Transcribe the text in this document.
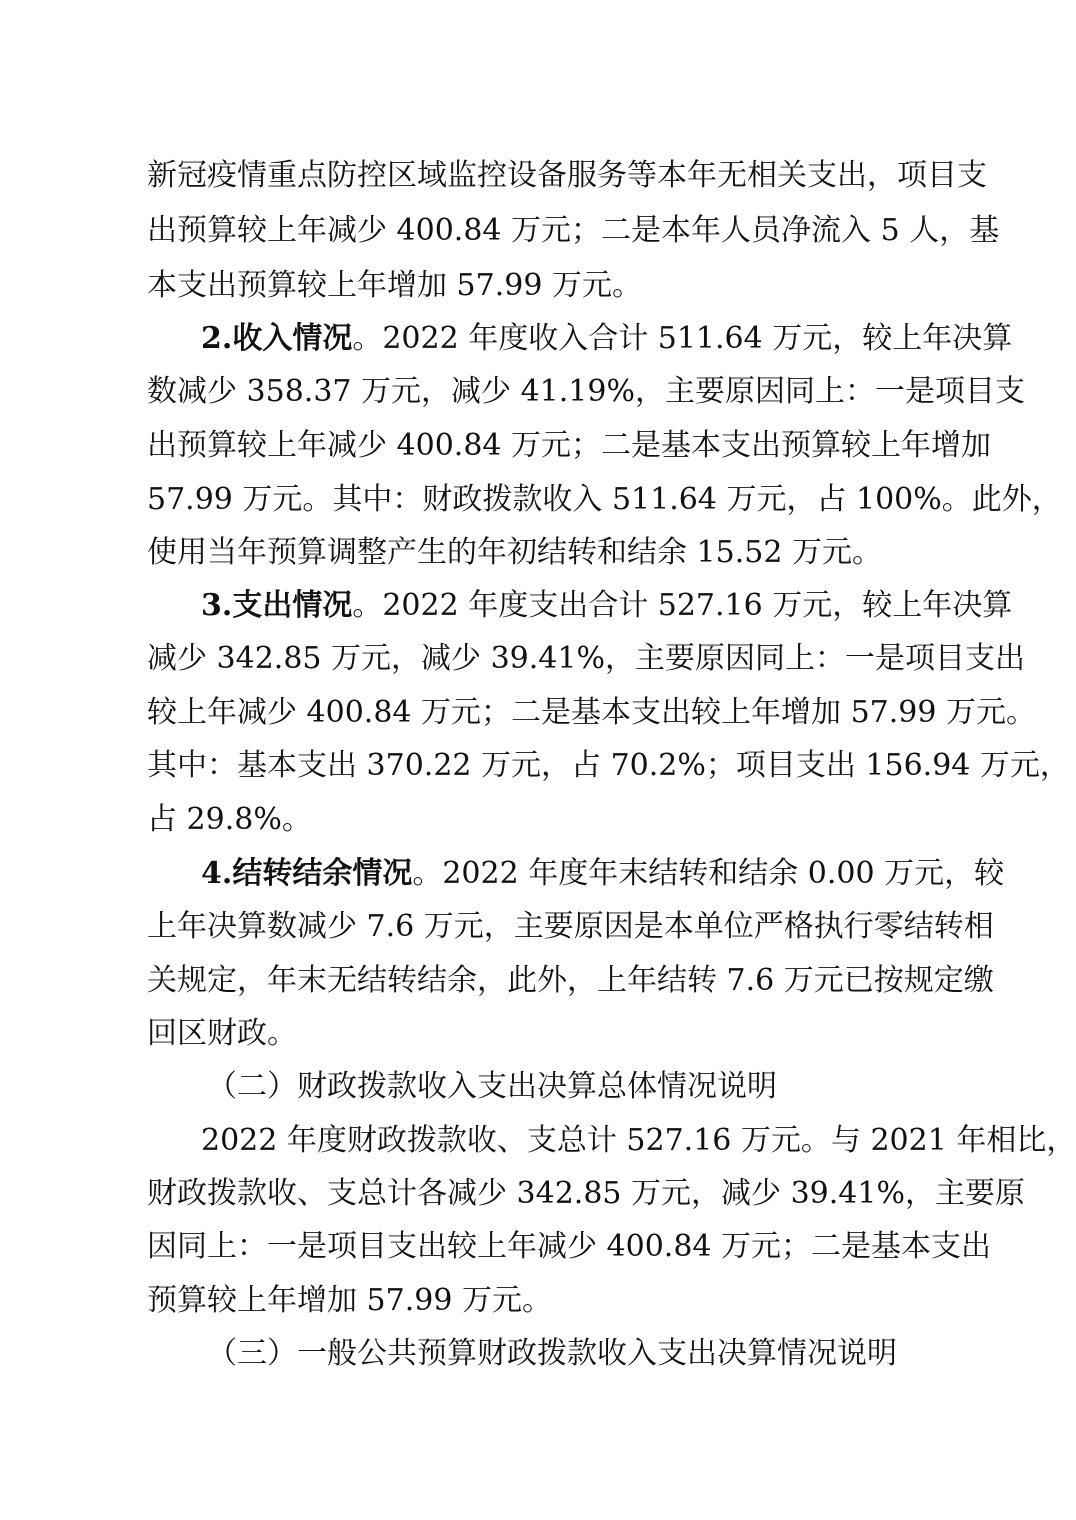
新冠疫情重点防控区域监控设备服务等本年无相关支出，项目支
出预算较上年减少 400.84 万元；二是本年人员净流入 5 人，基
本支出预算较上年增加 57.99 万元。
2.收入情况。2022 年度收入合计 511.64 万元，较上年决算
数减少 358.37 万元，减少 41.19%，主要原因同上：一是项目支
出预算较上年减少 400.84 万元；二是基本支出预算较上年增加
57.99 万元。其中：财政拨款收入 511.64 万元，占 100%。此外，
使用当年预算调整产生的年初结转和结余 15.52 万元。
3.支出情况。2022 年度支出合计 527.16 万元，较上年决算
减少 342.85 万元，减少 39.41%，主要原因同上：一是项目支出
较上年减少 400.84 万元；二是基本支出较上年增加 57.99 万元。
其中：基本支出 370.22 万元，占 70.2%；项目支出 156.94 万元，
占 29.8%。
4.结转结余情况。2022 年度年末结转和结余 0.00 万元，较
上年决算数减少 7.6 万元，主要原因是本单位严格执行零结转相
关规定，年末无结转结余，此外，上年结转 7.6 万元已按规定缴
回区财政。
（二）财政拨款收入支出决算总体情况说明
2022 年度财政拨款收、支总计 527.16 万元。与 2021 年相比，
财政拨款收、支总计各减少 342.85 万元，减少 39.41%，主要原
因同上：一是项目支出较上年减少 400.84 万元；二是基本支出
预算较上年增加 57.99 万元。
（三）一般公共预算财政拨款收入支出决算情况说明
